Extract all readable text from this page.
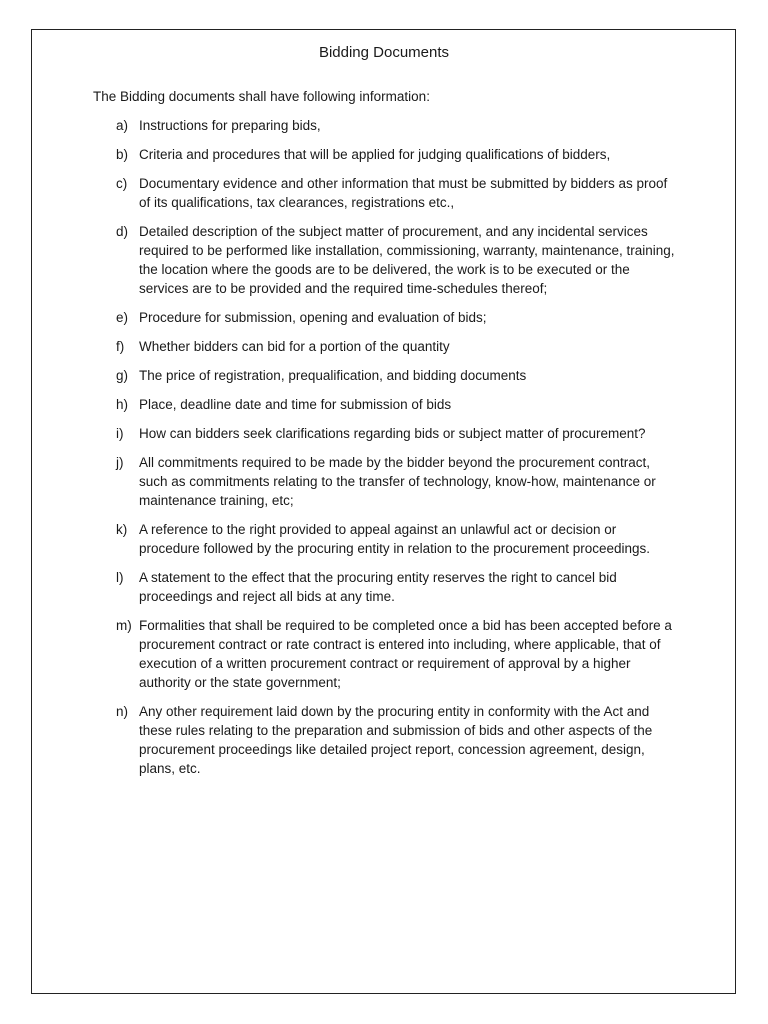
Bidding Documents
The Bidding documents shall have following information:
a) Instructions for preparing bids,
b) Criteria and procedures that will be applied for judging qualifications of bidders,
c) Documentary evidence and other information that must be submitted by bidders as proof of its qualifications, tax clearances, registrations etc.,
d) Detailed description of the subject matter of procurement, and any incidental services required to be performed like installation, commissioning, warranty, maintenance, training, the location where the goods are to be delivered, the work is to be executed or the services are to be provided and the required time-schedules thereof;
e) Procedure for submission, opening and evaluation of bids;
f)	Whether bidders can bid for a portion of the quantity
g) The price of registration, prequalification, and bidding documents
h) Place, deadline date and time for submission of bids
i)	How can bidders seek clarifications regarding bids or subject matter of procurement?
j)	All commitments required to be made by the bidder beyond the procurement contract, such as commitments relating to the transfer of technology, know-how, maintenance or maintenance training, etc;
k) A reference to the right provided to appeal against an unlawful act or decision or procedure followed by the procuring entity in relation to the procurement proceedings.
l)	A statement to the effect that the procuring entity reserves the right to cancel bid proceedings and reject all bids at any time.
m) Formalities that shall be required to be completed once a bid has been accepted before a procurement contract or rate contract is entered into including, where applicable, that of execution of a written procurement contract or requirement of approval by a higher authority or the state government;
n) Any other requirement laid down by the procuring entity in conformity with the Act and these rules relating to the preparation and submission of bids and other aspects of the procurement proceedings like detailed project report, concession agreement, design, plans, etc.
